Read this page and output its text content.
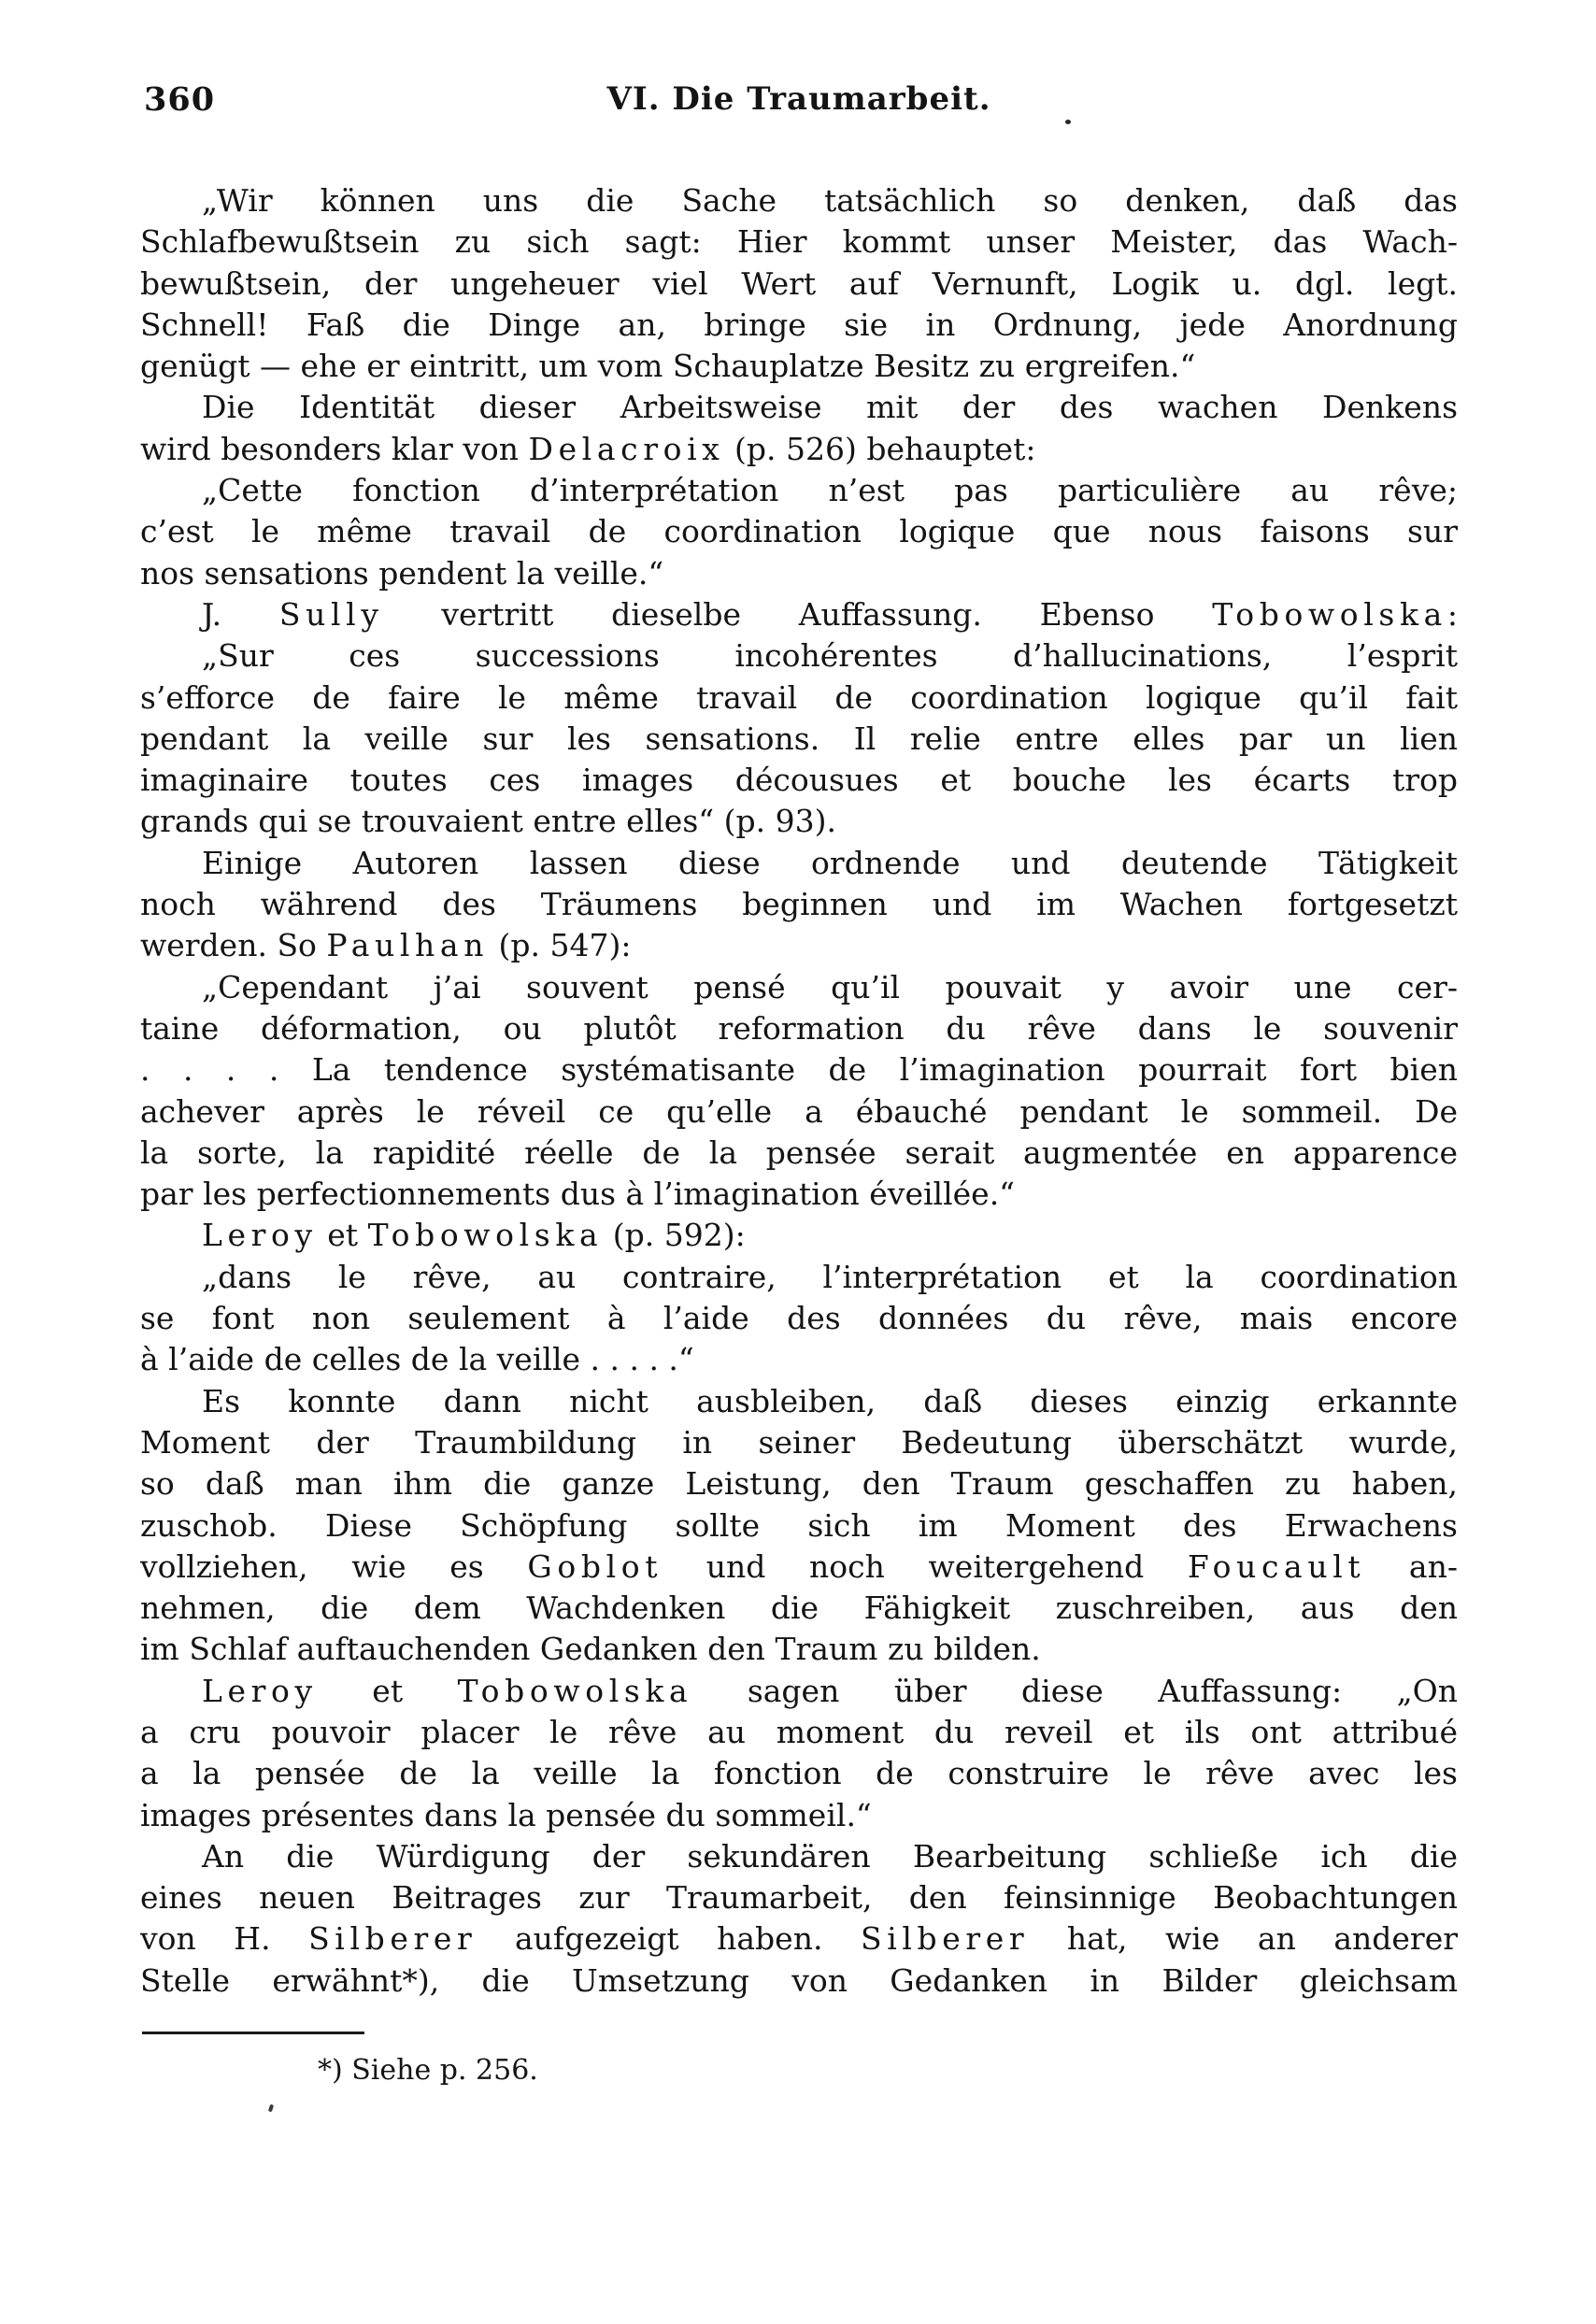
360	VI. Die Traumarbeit.
„Wir können uns die Sache tatsächlich so denken, daß das
Schlafbewußtsein zu sich sagt: Hier kommt unser Meister, das Wach-
bewußtsein, der ungeheuer viel Wert auf Vernunft, Logik u. dgl. legt.
Schnell! Faß die Dinge an, bringe sie in Ordnung, jede Anordnung
genügt — ehe er eintritt, um vom Schauplatze Besitz zu ergreifen.“
Die Identität dieser Arbeitsweise mit der des wachen Denkens
wird besonders klar von Delacroix (p. 526) behauptet:
„Cette fonction d’interprétation n’est pas particulière au rêve;
c’est le même travail de coordination logique que nous faisons sur
nos sensations pendent la veille.“
J. Sully vertritt dieselbe Auffassung. Ebenso Tobowolska:
„Sur ces successions incohérentes d’hallucinations, l’esprit
s’efforce de faire le même travail de coordination logique qu’il fait
pendant la veille sur les sensations. Il relie entre elles par un lien
imaginaire toutes ces images décousues et bouche les écarts trop
grands qui se trouvaient entre elles“ (p. 93).
Einige Autoren lassen diese ordnende und deutende Tätigkeit
noch während des Träumens beginnen und im Wachen fortgesetzt
werden. So Paulhan (p. 547):
„Cependant j’ai souvent pensé qu’il pouvait y avoir une cer-
taine déformation, ou plutôt reformation du rêve dans le souvenir
. . . . La tendence systématisante de l’imagination pourrait fort bien
achever après le réveil ce qu’elle a ébauché pendant le sommeil. De
la sorte, la rapidité réelle de la pensée serait augmentée en apparence
par les perfectionnements dus à l’imagination éveillée.“
Leroy et Tobowolska (p. 592):
„dans le rêve, au contraire, l’interprétation et la coordination
se font non seulement à l’aide des données du rêve, mais encore
à l’aide de celles de la veille . . . . .“
Es konnte dann nicht ausbleiben, daß dieses einzig erkannte
Moment der Traumbildung in seiner Bedeutung überschätzt wurde,
so daß man ihm die ganze Leistung, den Traum geschaffen zu haben,
zuschob. Diese Schöpfung sollte sich im Moment des Erwachens
vollziehen, wie es Goblot und noch weitergehend Foucault an-
nehmen, die dem Wachdenken die Fähigkeit zuschreiben, aus den
im Schlaf auftauchenden Gedanken den Traum zu bilden.
Leroy et Tobowolska sagen über diese Auffassung: „On
a cru pouvoir placer le rêve au moment du reveil et ils ont attribué
a la pensée de la veille la fonction de construire le rêve avec les
images présentes dans la pensée du sommeil.“
An die Würdigung der sekundären Bearbeitung schließe ich die
eines neuen Beitrages zur Traumarbeit, den feinsinnige Beobachtungen
von H. Silberer aufgezeigt haben. Silberer hat, wie an anderer
Stelle erwähnt*), die Umsetzung von Gedanken in Bilder gleichsam
*) Siehe p. 256.
